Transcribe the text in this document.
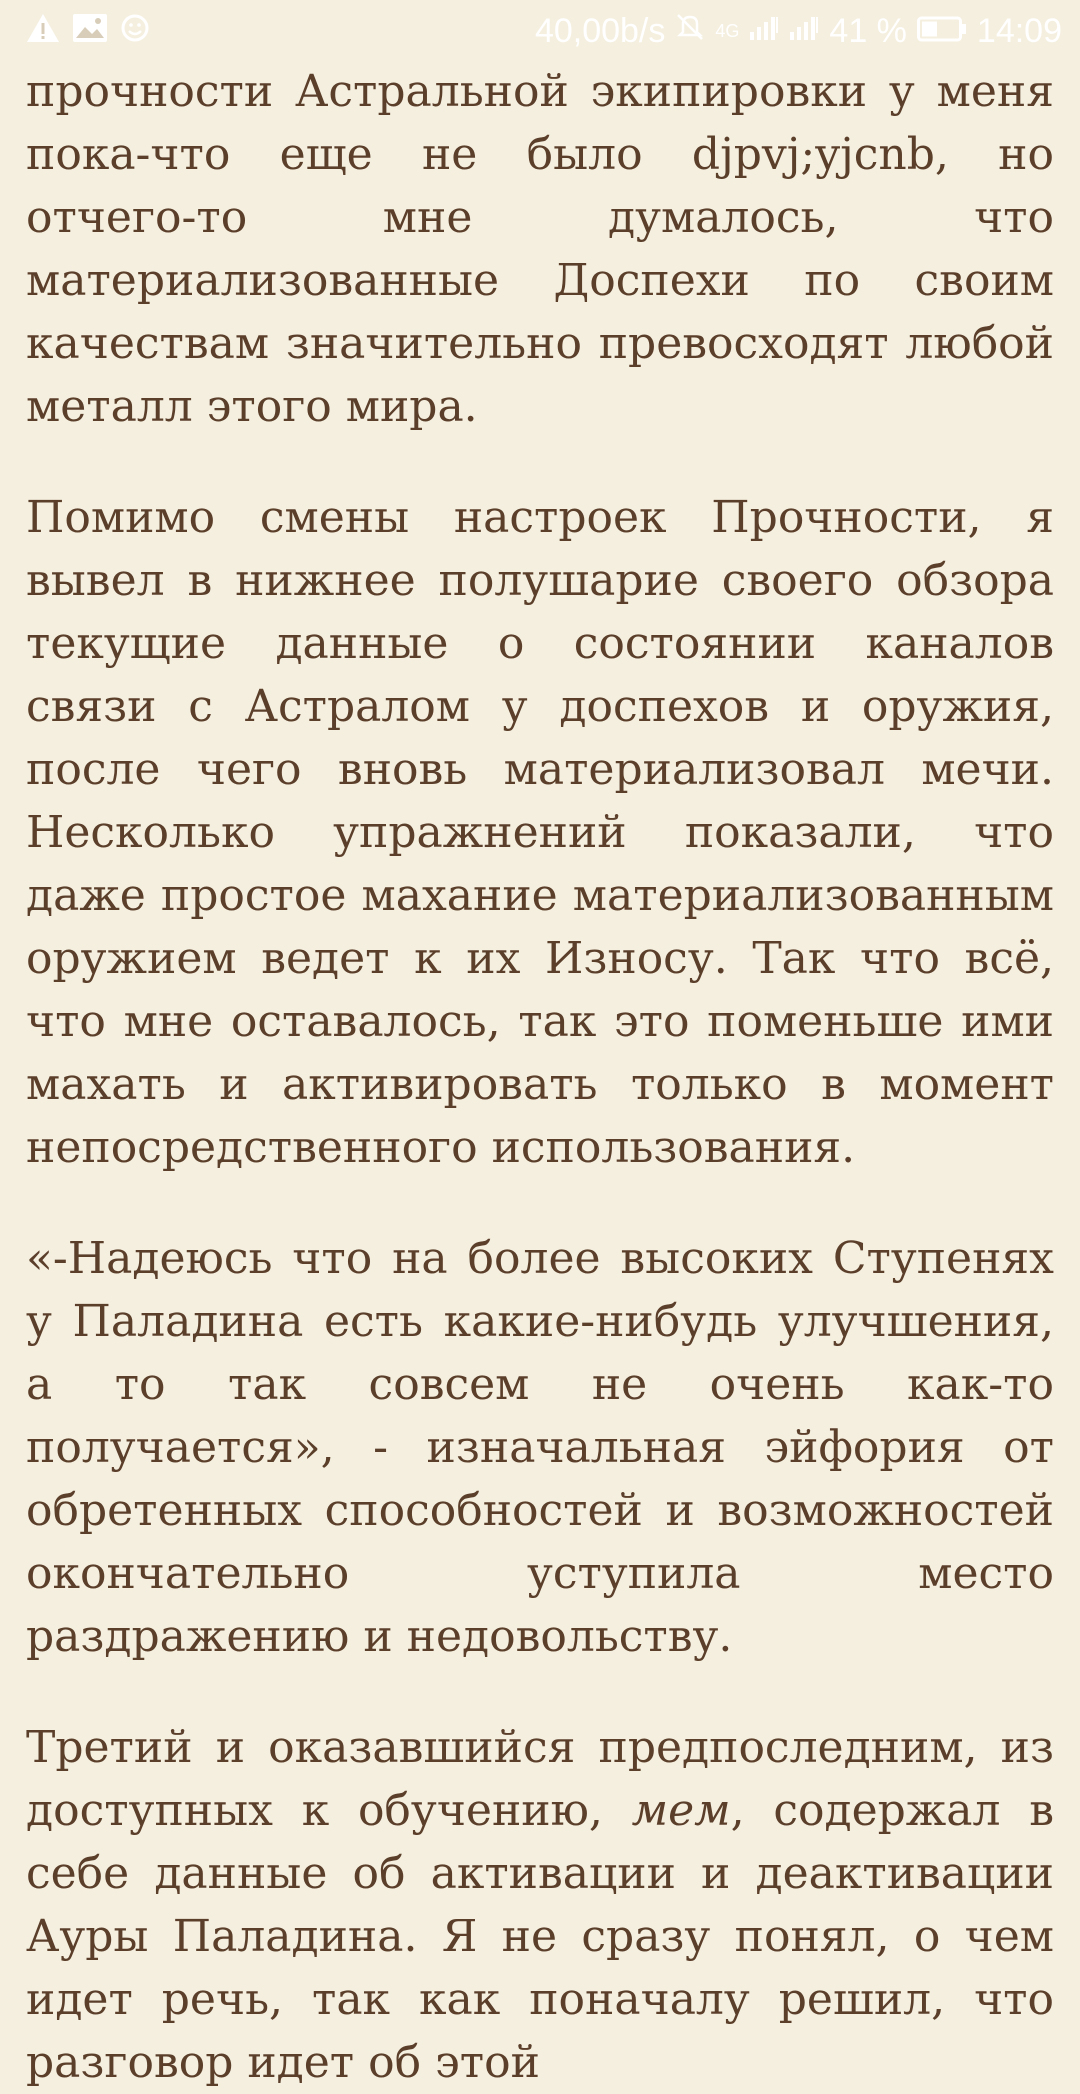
40,00b/s	4G	41 % 14:09

прочности Астральной экипировки у меня пока-что еще не было djpvj;yjcnb, но отчего-то мне думалось, что материализованные Доспехи по своим качествам значительно превосходят любой металл этого мира.

Помимо смены настроек Прочности, я вывел в нижнее полушарие своего обзора текущие данные о состоянии каналов связи с Астралом у доспехов и оружия, после чего вновь материализовал мечи. Несколько упражнений показали, что даже простое махание материализованным оружием ведет к их Износу. Так что всё, что мне оставалось, так это поменьше ими махать и активировать только в момент непосредственного использования.

«-Надеюсь что на более высоких Ступенях у Паладина есть какие-нибудь улучшения, а то так совсем не очень как-то получается», - изначальная эйфория от обретенных способностей и возможностей окончательно уступила место раздражению и недовольству.

Третий и оказавшийся предпоследним, из доступных к обучению, мем, содержал в себе данные об активации и деактивации Ауры Паладина. Я не сразу понял, о чем идет речь, так как поначалу решил, что разговор идет об этой
